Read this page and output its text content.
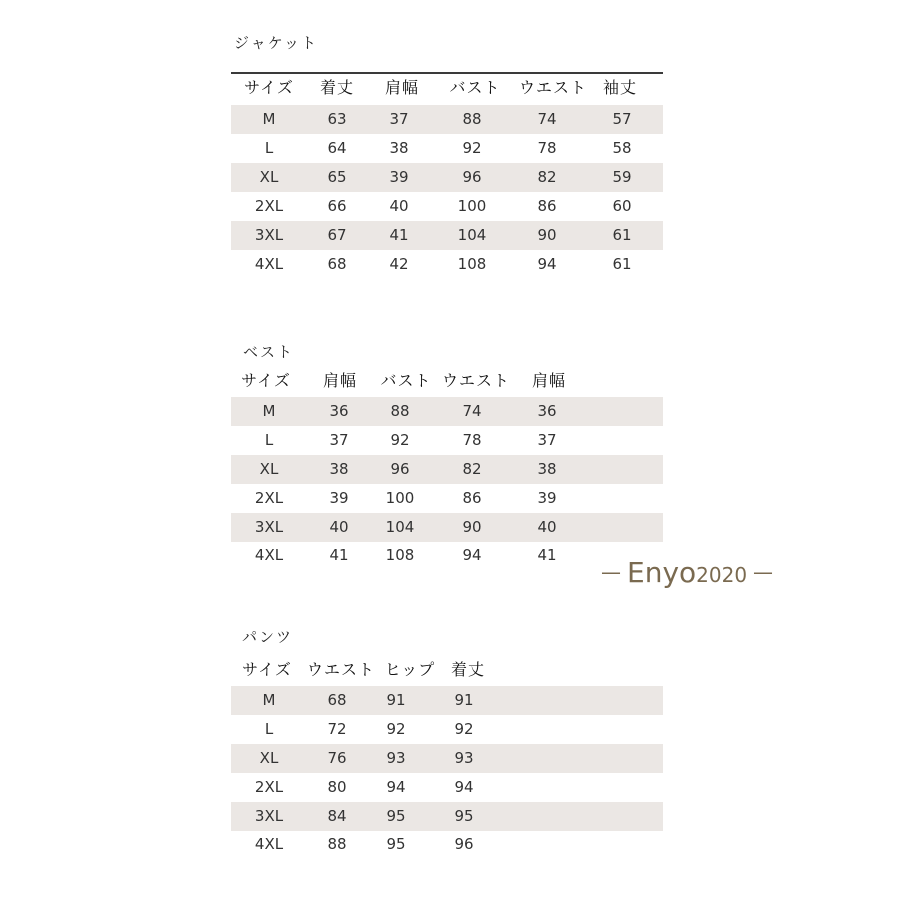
ジャケット
サイズ 着丈 肩幅 バスト ウエスト 袖丈
M	63	37	88	74	57
L	64	38	92	78	58
XL	65	39	96	82	59
2XL	66	40	100	86	60
3XL	67	41	104	90	61
4XL	68	42	108	94	61
ベスト
サイズ 肩幅 バスト ウエスト 肩幅
M	36	88	74	36
L	37	92	78	37
XL	38	96	82	38
2XL	39 100	86	39
3XL	40 104	90	40
4XL	41 108	94	41
— Enyo 2020 —
パンツ
サイズ ウエスト ヒップ 着丈
M	68	91	91
L	72	92	92
XL	76	93	93
2XL	80	94	94
3XL	84	95	95
4XL	88	95	96
